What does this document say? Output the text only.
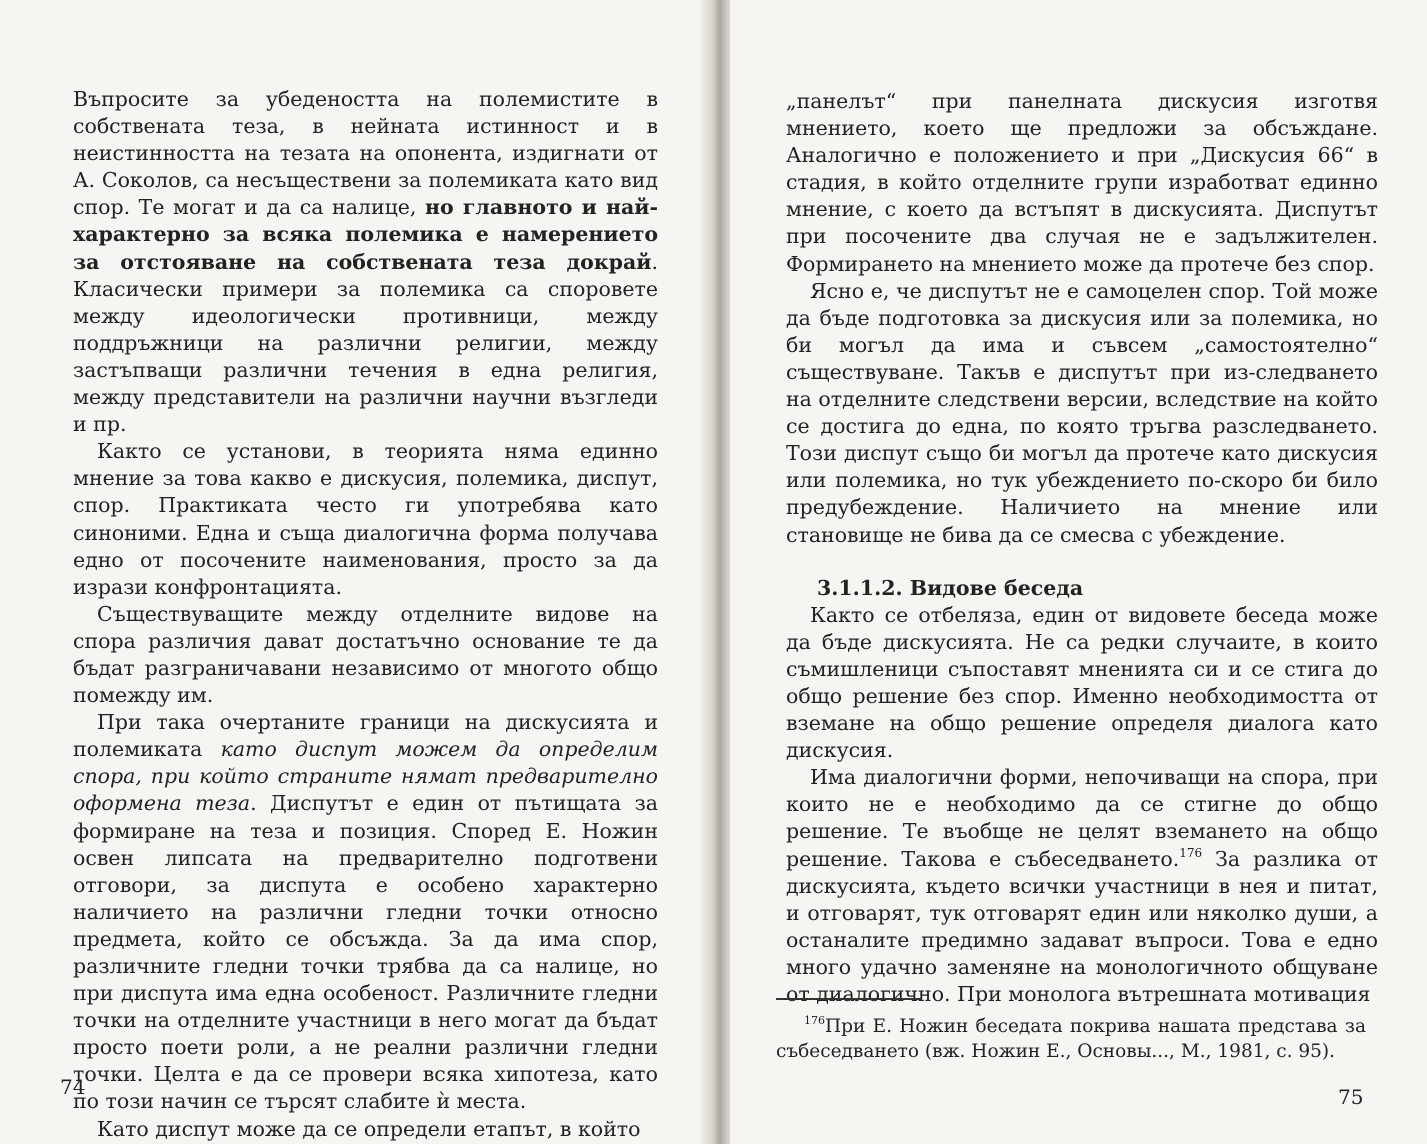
Въпросите за убедеността на полемистите в собствената теза, в нейната истинност и в неистинността на тезата на опонента, издигнати от А. Соколов, са несъществени за полемиката като вид спор. Те могат и да са налице, но главното и най-характерно за всяка полемика е намерението за отстояване на собствената теза докрай. Класически примери за полемика са споровете между идеологически противници, между поддръжници на различни религии, между застъпващи различни течения в една религия, между представители на различни научни възгледи и пр.

Както се установи, в теорията няма единно мнение за това какво е дискусия, полемика, диспут, спор. Практиката често ги употребява като синоними. Една и съща диалогична форма получава едно от посочените наименования, просто за да изрази конфронтацията.

Съществуващите между отделните видове на спора различия дават достатъчно основание те да бъдат разграничавани независимо от многото общо помежду им.

При така очертаните граници на дискусията и полемиката като диспут можем да определим спора, при който страните нямат предварително оформена теза. Диспутът е един от пътищата за формиране на теза и позиция. Според Е. Ножин освен липсата на предварително подготвени отговори, за диспута е особено характерно наличието на различни гледни точки относно предмета, който се обсъжда. За да има спор, различните гледни точки трябва да са налице, но при диспута има една особеност. Различните гледни точки на отделните участници в него могат да бъдат просто поети роли, а не реални различни гледни точки. Целта е да се провери всяка хипотеза, като по този начин се търсят слабите ѝ места.

Като диспут може да се определи етапът, в който

74

„панелът“ при панелната дискусия изготвя мнението, което ще предложи за обсъждане. Аналогично е положението и при „Дискусия 66“ в стадия, в който отделните групи изработват единно мнение, с което да встъпят в дискусията. Диспутът при посочените два случая не е задължителен. Формирането на мнението може да протече без спор.

Ясно е, че диспутът не е самоцелен спор. Той може да бъде подготовка за дискусия или за полемика, но би могъл да има и съвсем „самостоятелно“ съществуване. Такъв е диспутът при из-следването на отделните следствени версии, вследствие на който се достига до една, по която тръгва разследването. Този диспут също би могъл да протече като дискусия или полемика, но тук убеждението по-скоро би било предубеждение. Наличието на мнение или становище не бива да се смесва с убеждение.

3.1.1.2. Видове беседа

Както се отбеляза, един от видовете беседа може да бъде дискусията. Не са редки случаите, в които съмишленици съпоставят мненията си и се стига до общо решение без спор. Именно необходимостта от вземане на общо решение определя диалога като дискусия.

Има диалогични форми, непочиващи на спора, при които не е необходимо да се стигне до общо решение. Те въобще не целят вземането на общо решение. Такова е събеседването.$^{176}$ За разлика от дискусията, където всички участници в нея и питат, и отговарят, тук отговарят един или няколко души, а останалите предимно задават въпроси. Това е едно много удачно заменяне на монологичното общуване от диалогично. При монолога вътрешната мотивация

$^{176}$При Е. Ножин беседата покрива нашата представа за събеседването (вж. Ножин Е., Основы..., М., 1981, с. 95).

75
